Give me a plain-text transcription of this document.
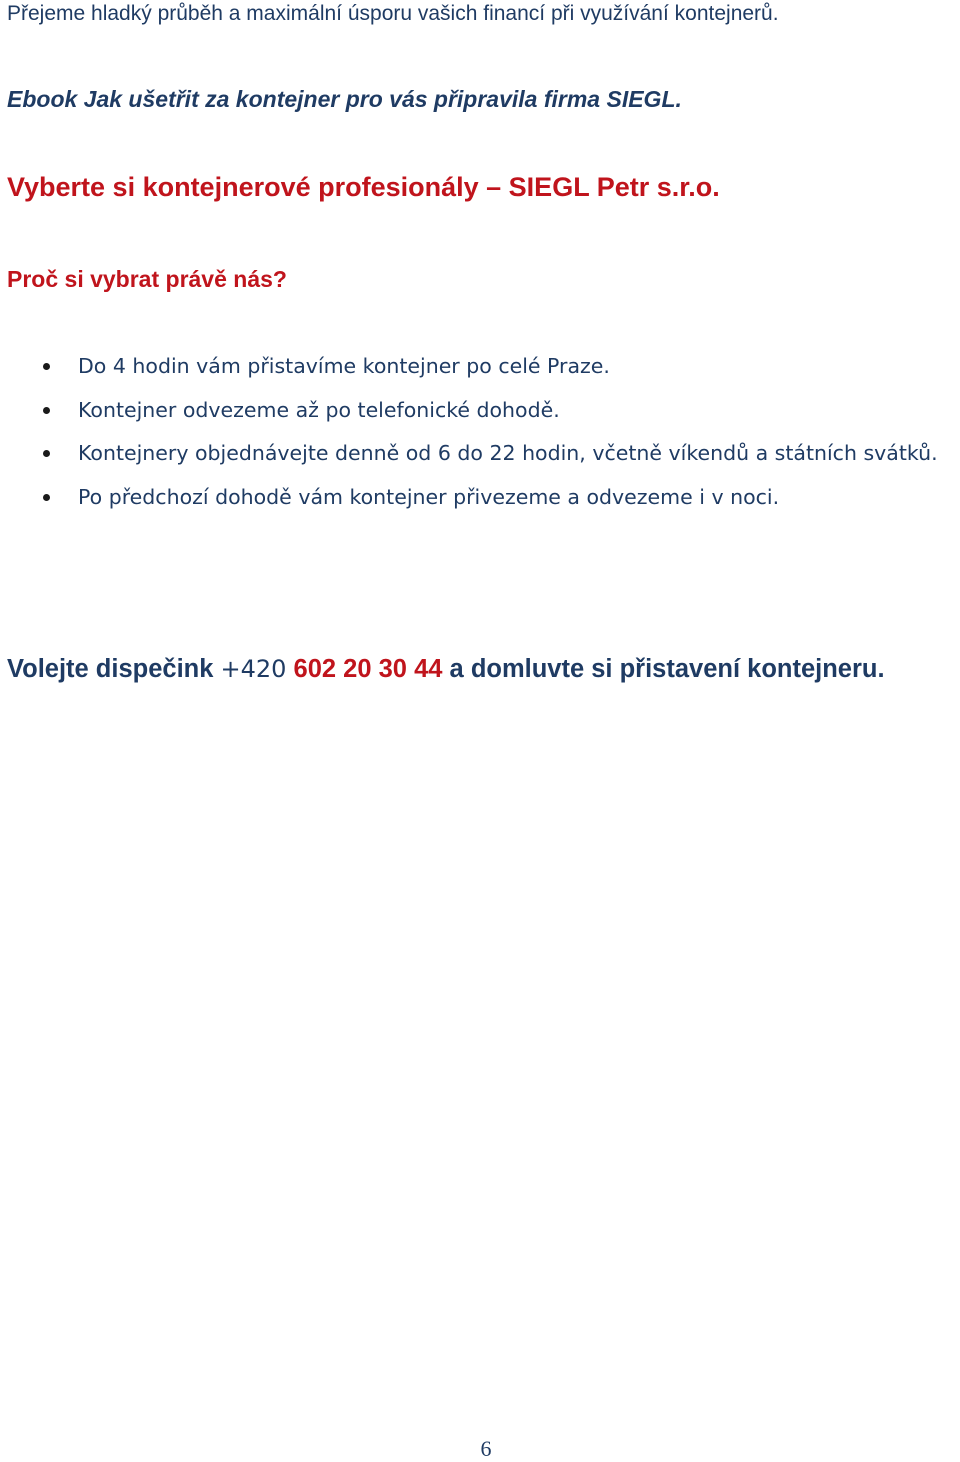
Přejeme hladký průběh a maximální úsporu vašich financí při využívání kontejnerů.

Ebook Jak ušetřit za kontejner pro vás připravila firma SIEGL.

Vyberte si kontejnerové profesionály – SIEGL Petr s.r.o.
Proč si vybrat právě nás?
Do 4 hodin vám přistavíme kontejner po celé Praze.
Kontejner odvezeme až po telefonické dohodě.
Kontejnery objednávejte denně od 6 do 22 hodin, včetně víkendů a státních svátků.
Po předchozí dohodě vám kontejner přivezeme a odvezeme i v noci.

Volejte dispečink +420 602 20 30 44 a domluvte si přistavení kontejneru.

6
